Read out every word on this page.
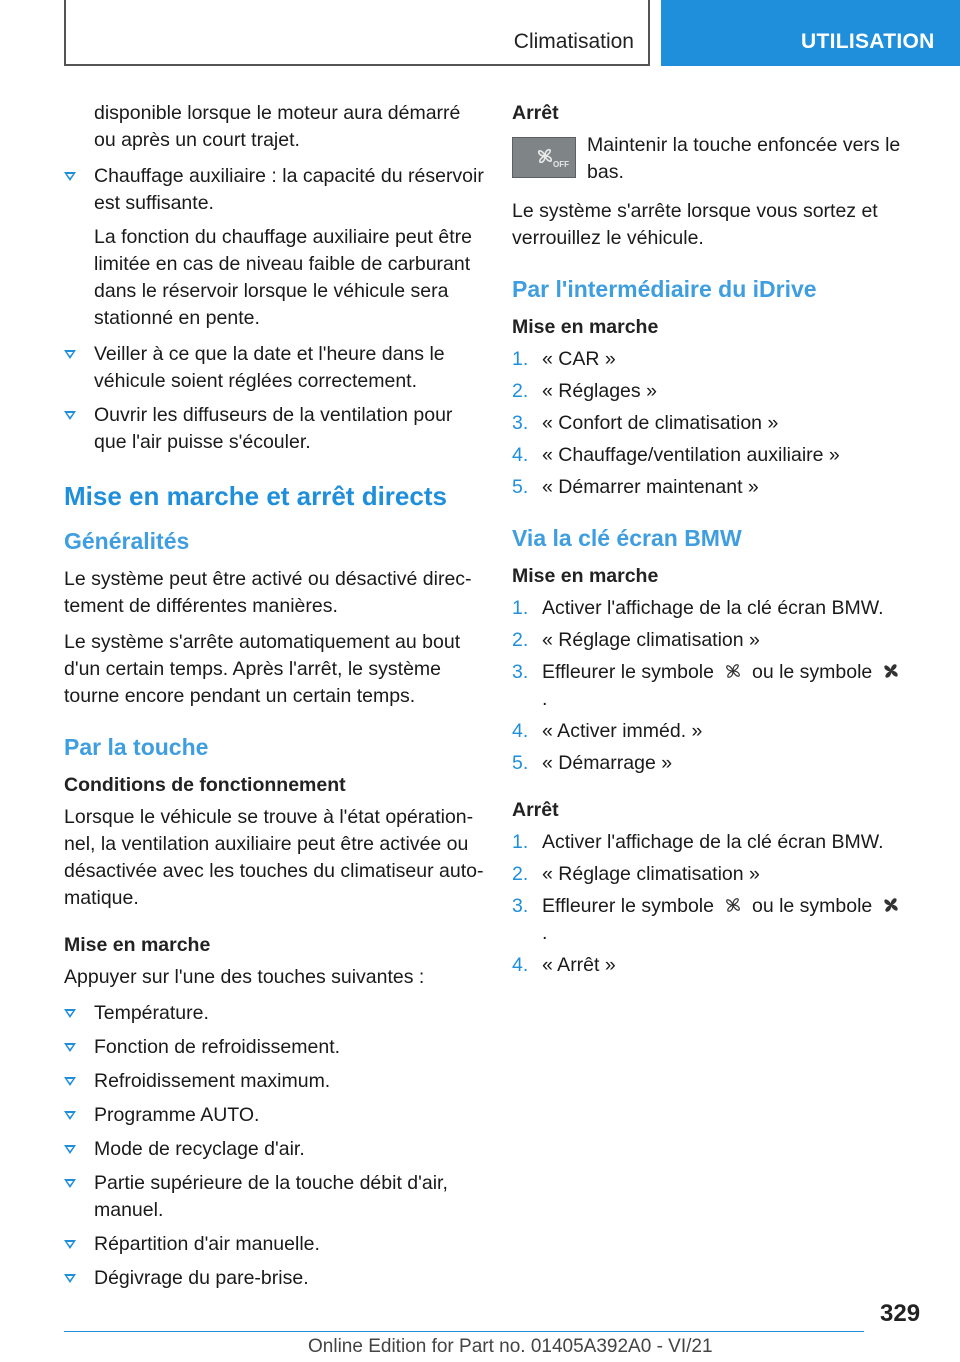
Climatisation	UTILISATION
disponible lorsque le moteur aura démarré ou après un court trajet.
Chauffage auxiliaire : la capacité du réservoir est suffisante.
La fonction du chauffage auxiliaire peut être limitée en cas de niveau faible de carburant dans le réservoir lorsque le véhicule sera stationné en pente.
Veiller à ce que la date et l'heure dans le véhicule soient réglées correctement.
Ouvrir les diffuseurs de la ventilation pour que l'air puisse s'écouler.
Mise en marche et arrêt directs
Généralités
Le système peut être activé ou désactivé directement de différentes manières.
Le système s'arrête automatiquement au bout d'un certain temps. Après l'arrêt, le système tourne encore pendant un certain temps.
Par la touche
Conditions de fonctionnement
Lorsque le véhicule se trouve à l'état opérationnel, la ventilation auxiliaire peut être activée ou désactivée avec les touches du climatiseur automatique.
Mise en marche
Appuyer sur l'une des touches suivantes :
Température.
Fonction de refroidissement.
Refroidissement maximum.
Programme AUTO.
Mode de recyclage d'air.
Partie supérieure de la touche débit d'air, manuel.
Répartition d'air manuelle.
Dégivrage du pare-brise.
Arrêt
OFF
Maintenir la touche enfoncée vers le bas.
Le système s'arrête lorsque vous sortez et verrouillez le véhicule.
Par l'intermédiaire du iDrive
Mise en marche
1. « CAR »
2. « Réglages »
3. « Confort de climatisation »
4. « Chauffage/ventilation auxiliaire »
5. « Démarrer maintenant »
Via la clé écran BMW
Mise en marche
1. Activer l'affichage de la clé écran BMW.
2. « Réglage climatisation »
3. Effleurer le symbole ou le symbole.
4. « Activer imméd. »
5. « Démarrage »
Arrêt
1. Activer l'affichage de la clé écran BMW.
2. « Réglage climatisation »
3. Effleurer le symbole ou le symbole.
4. « Arrêt »
329
Online Edition for Part no. 01405A392A0 - VI/21
